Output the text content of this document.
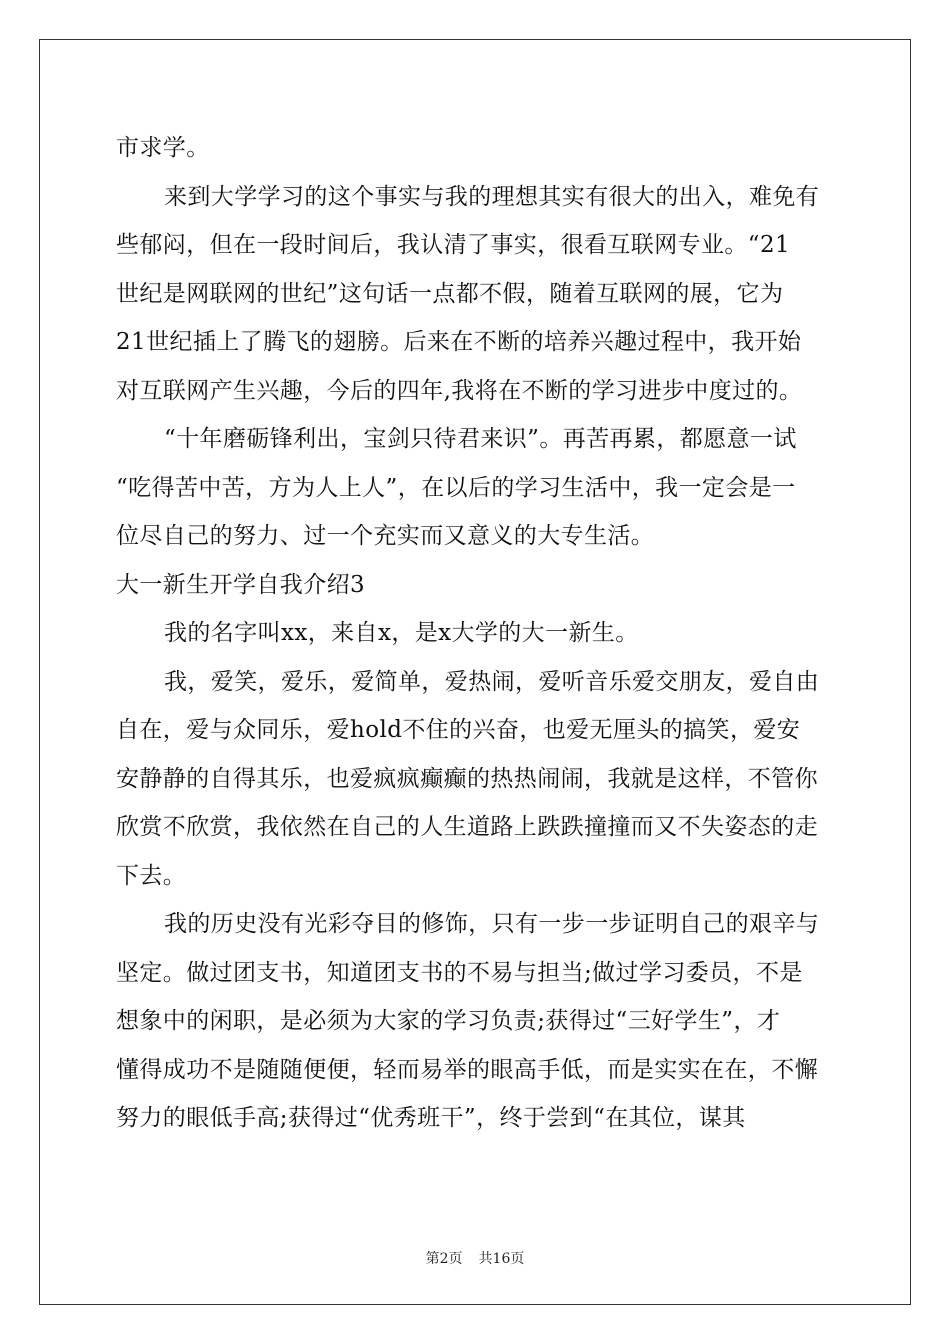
市求学。
来到大学学习的这个事实与我的理想其实有很大的出入，难免有
些郁闷，但在一段时间后，我认清了事实，很看互联网专业。“21
世纪是网联网的世纪”这句话一点都不假，随着互联网的展，它为
21世纪插上了腾飞的翅膀。后来在不断的培养兴趣过程中，我开始
对互联网产生兴趣，今后的四年,我将在不断的学习进步中度过的。
“十年磨砺锋利出，宝剑只待君来识”。再苦再累，都愿意一试
“吃得苦中苦，方为人上人”，在以后的学习生活中，我一定会是一
位尽自己的努力、过一个充实而又意义的大专生活。
大一新生开学自我介绍3
我的名字叫xx，来自x，是x大学的大一新生。
我，爱笑，爱乐，爱简单，爱热闹，爱听音乐爱交朋友，爱自由
自在，爱与众同乐，爱hold不住的兴奋，也爱无厘头的搞笑，爱安
安静静的自得其乐，也爱疯疯癫癫的热热闹闹，我就是这样，不管你
欣赏不欣赏，我依然在自己的人生道路上跌跌撞撞而又不失姿态的走
下去。
我的历史没有光彩夺目的修饰，只有一步一步证明自己的艰辛与
坚定。做过团支书，知道团支书的不易与担当;做过学习委员，不是
想象中的闲职，是必须为大家的学习负责;获得过“三好学生”，才
懂得成功不是随随便便，轻而易举的眼高手低，而是实实在在，不懈
努力的眼低手高;获得过“优秀班干”，终于尝到“在其位，谋其
第2页 共16页
